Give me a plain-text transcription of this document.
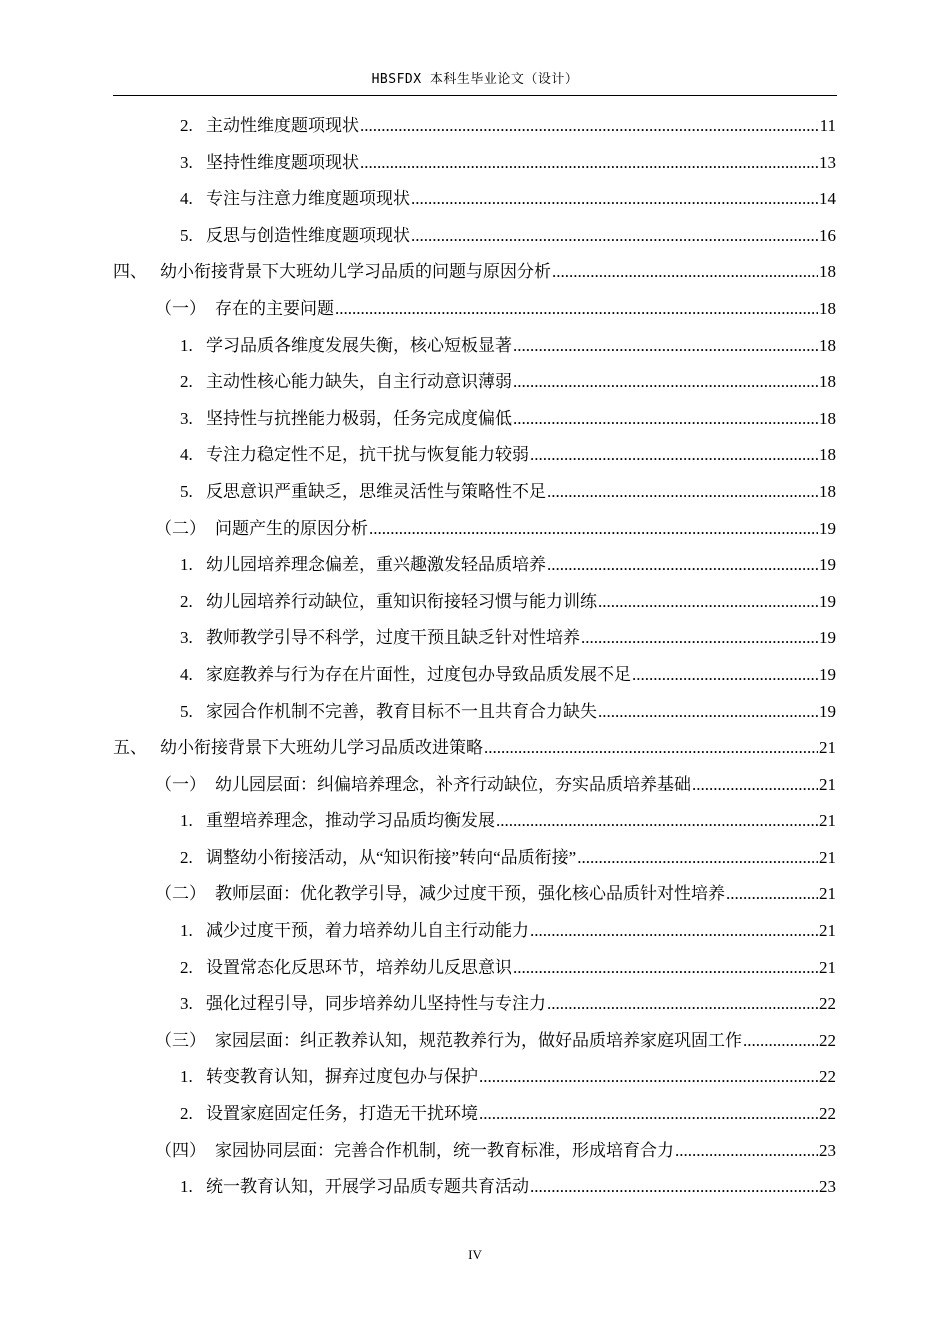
HBSFDX 本科生毕业论文（设计）
2. 主动性维度题项现状 .....	11
3. 坚持性维度题项现状 .....	13
4. 专注与注意力维度题项现状 .....	14
5. 反思与创造性维度题项现状 .....	16
四、 幼小衔接背景下大班幼儿学习品质的问题与原因分析 .....	18
（一） 存在的主要问题 .....	18
1. 学习品质各维度发展失衡，核心短板显著 .....	18
2. 主动性核心能力缺失，自主行动意识薄弱 .....	18
3. 坚持性与抗挫能力极弱，任务完成度偏低 .....	18
4. 专注力稳定性不足，抗干扰与恢复能力较弱 .....	18
5. 反思意识严重缺乏，思维灵活性与策略性不足 .....	18
（二） 问题产生的原因分析 .....	19
1. 幼儿园培养理念偏差，重兴趣激发轻品质培养 .....	19
2. 幼儿园培养行动缺位，重知识衔接轻习惯与能力训练 .....	19
3. 教师教学引导不科学，过度干预且缺乏针对性培养 .....	19
4. 家庭教养与行为存在片面性，过度包办导致品质发展不足 .....	19
5. 家园合作机制不完善，教育目标不一且共育合力缺失 .....	19
五、 幼小衔接背景下大班幼儿学习品质改进策略 .....	21
（一） 幼儿园层面：纠偏培养理念，补齐行动缺位，夯实品质培养基础 .....	21
1. 重塑培养理念，推动学习品质均衡发展 .....	21
2. 调整幼小衔接活动，从“知识衔接”转向“品质衔接” .....	21
（二） 教师层面：优化教学引导，减少过度干预，强化核心品质针对性培养 .....	21
1. 减少过度干预，着力培养幼儿自主行动能力 .....	21
2. 设置常态化反思环节，培养幼儿反思意识 .....	21
3. 强化过程引导，同步培养幼儿坚持性与专注力 .....	22
（三） 家园层面：纠正教养认知，规范教养行为，做好品质培养家庭巩固工作 .....	22
1. 转变教育认知，摒弃过度包办与保护 .....	22
2. 设置家庭固定任务，打造无干扰环境 .....	22
（四） 家园协同层面：完善合作机制，统一教育标准，形成培育合力 .....	23
1. 统一教育认知，开展学习品质专题共育活动 .....	23
IV
